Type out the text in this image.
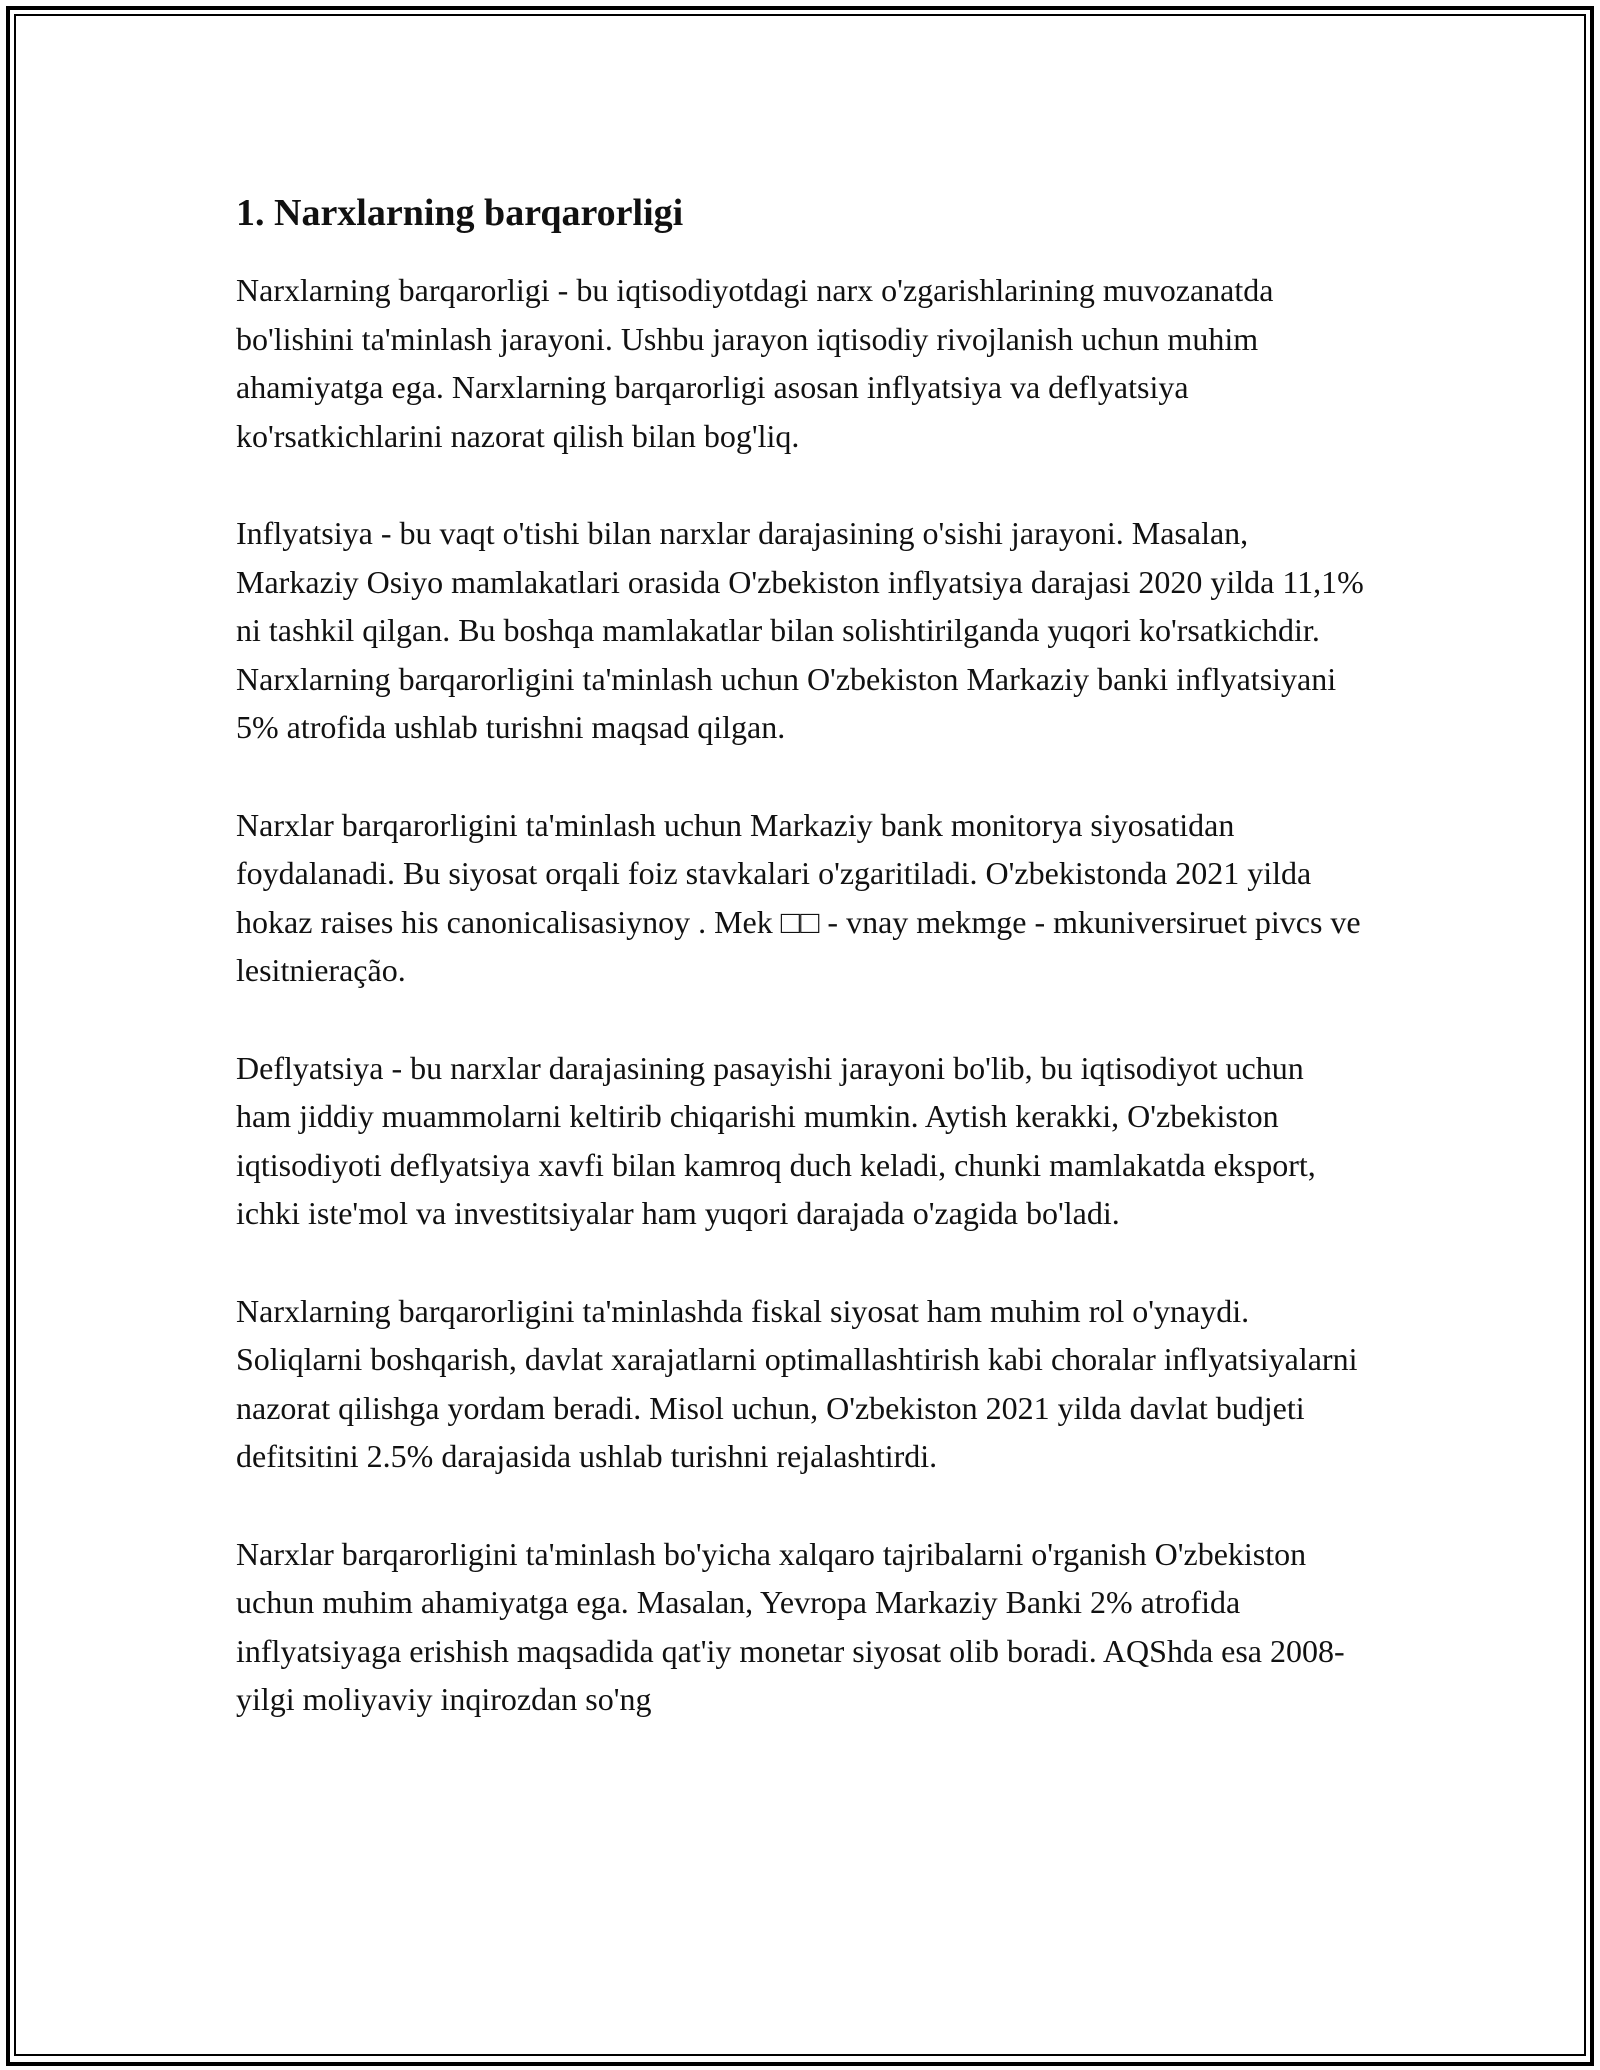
1. Narxlarning barqarorligi

Narxlarning barqarorligi - bu iqtisodiyotdagi narx o'zgarishlarining muvozanatda bo'lishini ta'minlash jarayoni. Ushbu jarayon iqtisodiy rivojlanish uchun muhim ahamiyatga ega. Narxlarning barqarorligi asosan inflyatsiya va deflyatsiya ko'rsatkichlarini nazorat qilish bilan bog'liq.

Inflyatsiya - bu vaqt o'tishi bilan narxlar darajasining o'sishi jarayoni. Masalan, Markaziy Osiyo mamlakatlari orasida O'zbekiston inflyatsiya darajasi 2020 yilda 11,1% ni tashkil qilgan. Bu boshqa mamlakatlar bilan solishtirilganda yuqori ko'rsatkichdir. Narxlarning barqarorligini ta'minlash uchun O'zbekiston Markaziy banki inflyatsiyani 5% atrofida ushlab turishni maqsad qilgan.

Narxlar barqarorligini ta'minlash uchun Markaziy bank monitorya siyosatidan foydalanadi. Bu siyosat orqali foiz stavkalari o'zgaritiladi. O'zbekistonda 2021 yilda hokaz raises his canonicalisasiynoy . Mek □□ - vnay mekmge - mkuniversiruet pivcs ve lesitnieração.

Deflyatsiya - bu narxlar darajasining pasayishi jarayoni bo'lib, bu iqtisodiyot uchun ham jiddiy muammolarni keltirib chiqarishi mumkin. Aytish kerakki, O'zbekiston iqtisodiyoti deflyatsiya xavfi bilan kamroq duch keladi, chunki mamlakatda eksport, ichki iste'mol va investitsiyalar ham yuqori darajada o'zagida bo'ladi.

Narxlarning barqarorligini ta'minlashda fiskal siyosat ham muhim rol o'ynaydi. Soliqlarni boshqarish, davlat xarajatlarni optimallashtirish kabi choralar inflyatsiyalarni nazorat qilishga yordam beradi. Misol uchun, O'zbekiston 2021 yilda davlat budjeti defitsitini 2.5% darajasida ushlab turishni rejalashtirdi.

Narxlar barqarorligini ta'minlash bo'yicha xalqaro tajribalarni o'rganish O'zbekiston uchun muhim ahamiyatga ega. Masalan, Yevropa Markaziy Banki 2% atrofida inflyatsiyaga erishish maqsadida qat'iy monetar siyosat olib boradi. AQShda esa 2008-yilgi moliyaviy inqirozdan so'ng
